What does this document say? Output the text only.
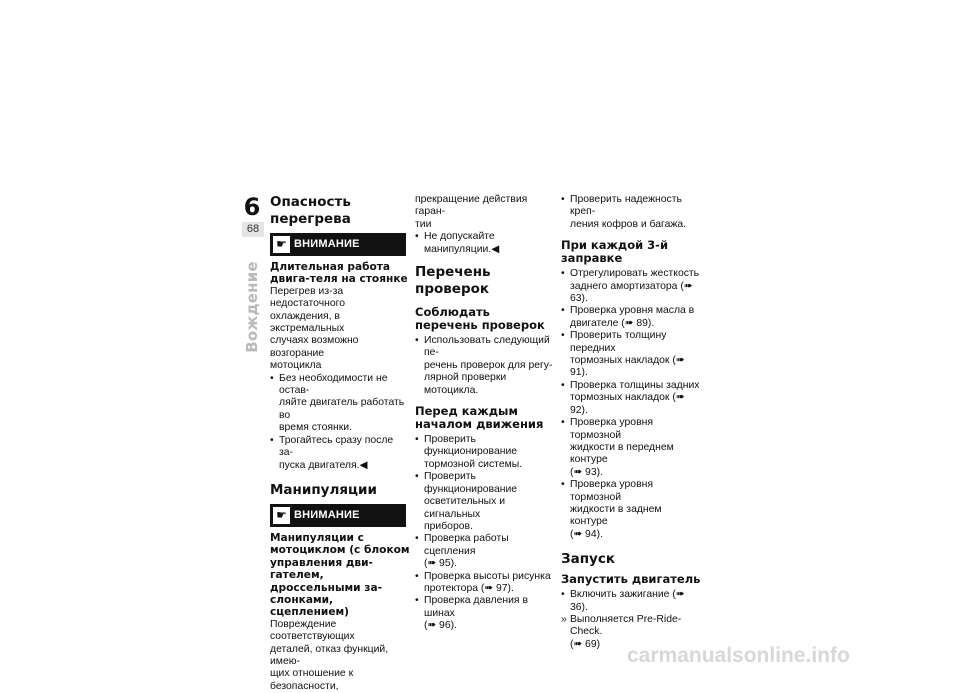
6
68
Вождение
Опасность перегрева
☛ ВНИМАНИЕ

Длительная работа двига-теля на стоянке

Перегрев из-за недостаточного
охлаждения, в экстремальных
случаях возможно возгорание
мотоцикла
• Без необходимости не остав-
ляйте двигатель работать во
время стоянки.
• Трогайтесь сразу после за-
пуска двигателя.◀
Манипуляции
☛ ВНИМАНИЕ

Манипуляции с мотоциклом (с блоком управления дви-гателем, дроссельными за-слонками, сцеплением)

Повреждение соответствующих
деталей, отказ функций, имею-
щих отношение к безопасности,
прекращение действия гаран-
тии
• Не допускайте манипуляции.◀
Перечень проверок
Соблюдать перечень проверок
• Использовать следующий пе-
речень проверок для регу-
лярной проверки мотоцикла.
Перед каждым началом движения
• Проверить функционирование
тормозной системы.
• Проверить функционирование
осветительных и сигнальных
приборов.
• Проверка работы сцепления
(➠ 95).
• Проверка высоты рисунка
протектора (➠ 97).
• Проверка давления в шинах
(➠ 96).
• Проверить надежность креп-
ления кофров и багажа.
При каждой 3-й заправке
• Отрегулировать жесткость
заднего амортизатора (➠ 63).
• Проверка уровня масла в
двигателе (➠ 89).
• Проверить толщину передних
тормозных накладок (➠ 91).
• Проверка толщины задних
тормозных накладок (➠ 92).
• Проверка уровня тормозной
жидкости в переднем контуре
(➠ 93).
• Проверка уровня тормозной
жидкости в заднем контуре
(➠ 94).
Запуск
Запустить двигатель
• Включить зажигание (➠ 36).
» Выполняется Pre-Ride-Check.
(➠ 69)	carmanualsonline.info
